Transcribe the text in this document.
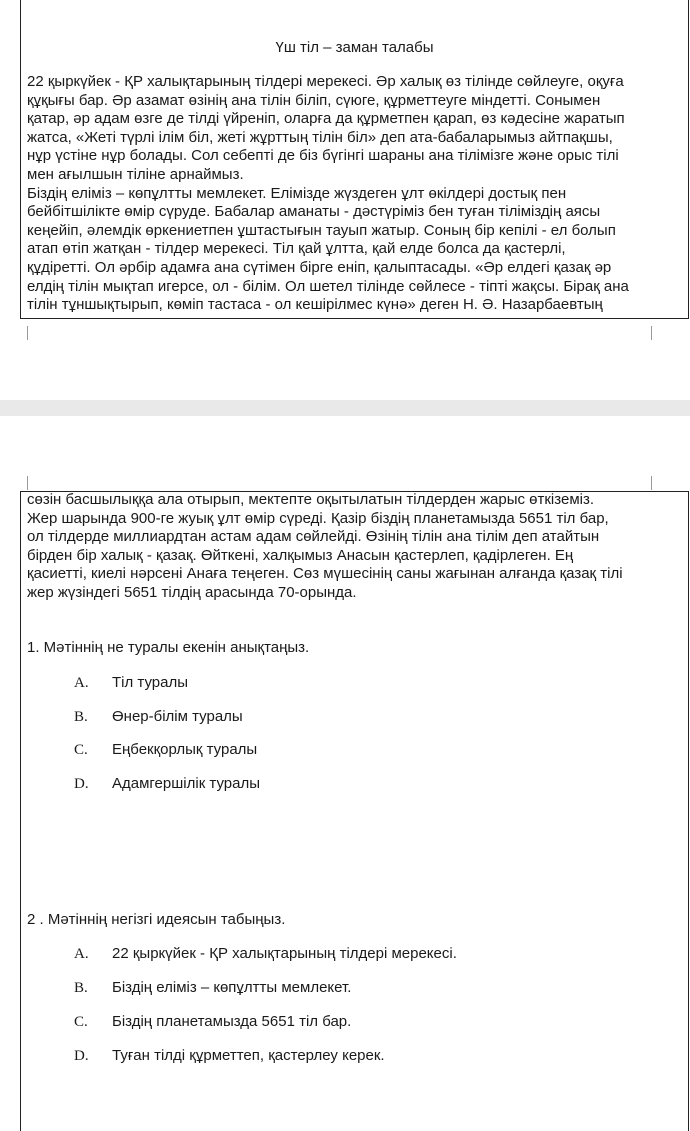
Үш тіл – заман талабы
22 қыркүйек - ҚР халықтарының тілдері мерекесі. Әр халық өз тілінде сөйлеуге, оқуға
құқығы бар. Әр азамат өзінің ана тілін біліп, сүюге, құрметтеуге міндетті. Сонымен
қатар, әр адам өзге де тілді үйреніп, оларға да құрметпен қарап, өз кәдесіне жаратып
жатса, «Жеті түрлі ілім біл, жеті жұрттың тілін біл» деп ата-бабаларымыз айтпақшы,
нұр үстіне нұр болады. Сол себепті де біз бүгінгі шараны ана тілімізге және орыс тілі
мен ағылшын тіліне арнаймыз.
Біздің еліміз – көпұлтты мемлекет. Елімізде жүздеген ұлт өкілдері достық пен
бейбітшілікте өмір сүруде. Бабалар аманаты - дәстүріміз бен туған тіліміздің аясы
кеңейіп, әлемдік өркениетпен ұштастығын тауып жатыр. Соның бір кепілі - ел болып
атап өтіп жатқан - тілдер мерекесі. Тіл қай ұлтта, қай елде болса да қастерлі,
құдіретті. Ол әрбір адамға ана сүтімен бірге еніп, қалыптасады. «Әр елдегі қазақ әр
елдің тілін мықтап игерсе, ол - білім. Ол шетел тілінде сөйлесе - тіпті жақсы. Бірақ ана
тілін тұншықтырып, көміп тастаса - ол кешірілмес күнә» деген Н. Ә. Назарбаевтың
сөзін басшылыққа ала отырып, мектепте оқытылатын тілдерден жарыс өткіземіз.
Жер шарында 900-ге жуық ұлт өмір сүреді. Қазір біздің планетамызда 5651 тіл бар,
ол тілдерде миллиардтан астам адам сөйлейді. Өзінің тілін ана тілім деп атайтын
бірден бір халық - қазақ. Өйткені, халқымыз Анасын қастерлеп, қадірлеген. Ең
қасиетті, киелі нәрсені Анаға теңеген. Сөз мүшесінің саны жағынан алғанда қазақ тілі
жер жүзіндегі 5651 тілдің арасында 70-орында.
1. Мәтіннің не туралы екенін анықтаңыз.
A. Тіл туралы
B. Өнер-білім туралы
C. Еңбекқорлық туралы
D. Адамгершілік туралы
2 . Мәтіннің негізгі идеясын табыңыз.
A. 22 қыркүйек - ҚР халықтарының тілдері мерекесі.
B. Біздің еліміз – көпұлтты мемлекет.
C. Біздің планетамызда 5651 тіл бар.
D. Туған тілді құрметтеп, қастерлеу керек.
